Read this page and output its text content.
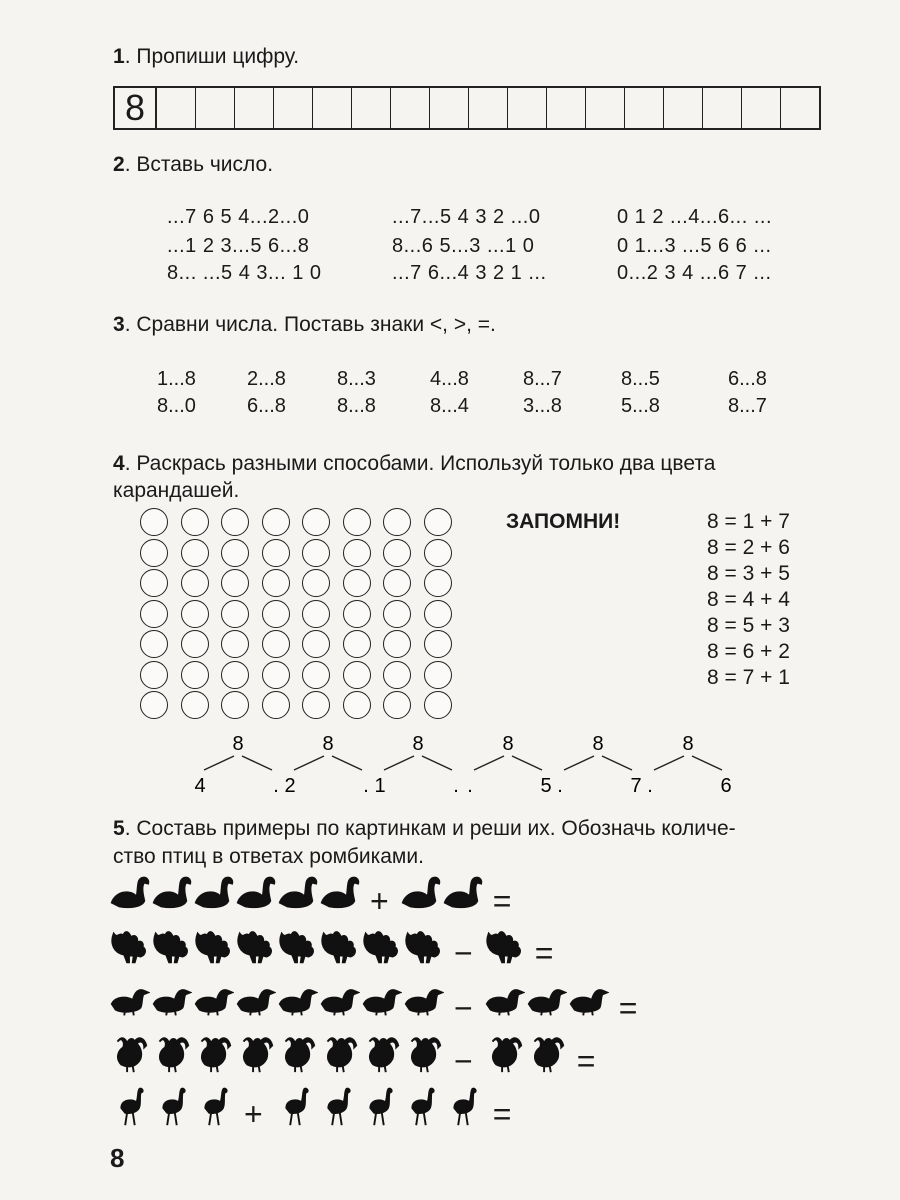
1. Пропиши цифру.
8
2. Вставь число.
...7 6 5 4...2...0	...7...5 4 3 2 ...0	0 1 2 ...4...6... ...
...1 2 3...5 6...8	8...6 5...3 ...1 0	0 1...3 ...5 6 6 ...
8... ...5 4 3... 1 0	...7 6...4 3 2 1 ...	0...2 3 4 ...6 7 ...
3. Сравни числа. Поставь знаки <, >, =.
1...8	2...8	8...3	4...8	8...7	8...5	6...8
8...0	6...8	8...8	8...4	3...8	5...8	8...7
4. Раскрась разными способами. Используй только два цвета
карандашей.
ЗАПОМНИ!	8 = 1 + 7
8 = 2 + 6
8 = 3 + 5
8 = 4 + 4
8 = 5 + 3
8 = 6 + 2
8 = 7 + 1
8
4	.
8
2	.
8
1	.
8
.	5
8
.	7
8
.	6
5. Составь примеры по картинкам и реши их. Обозначь количе-
ство птиц в ответах ромбиками.
+	=
− =
−	=
−	=
+	=
8
